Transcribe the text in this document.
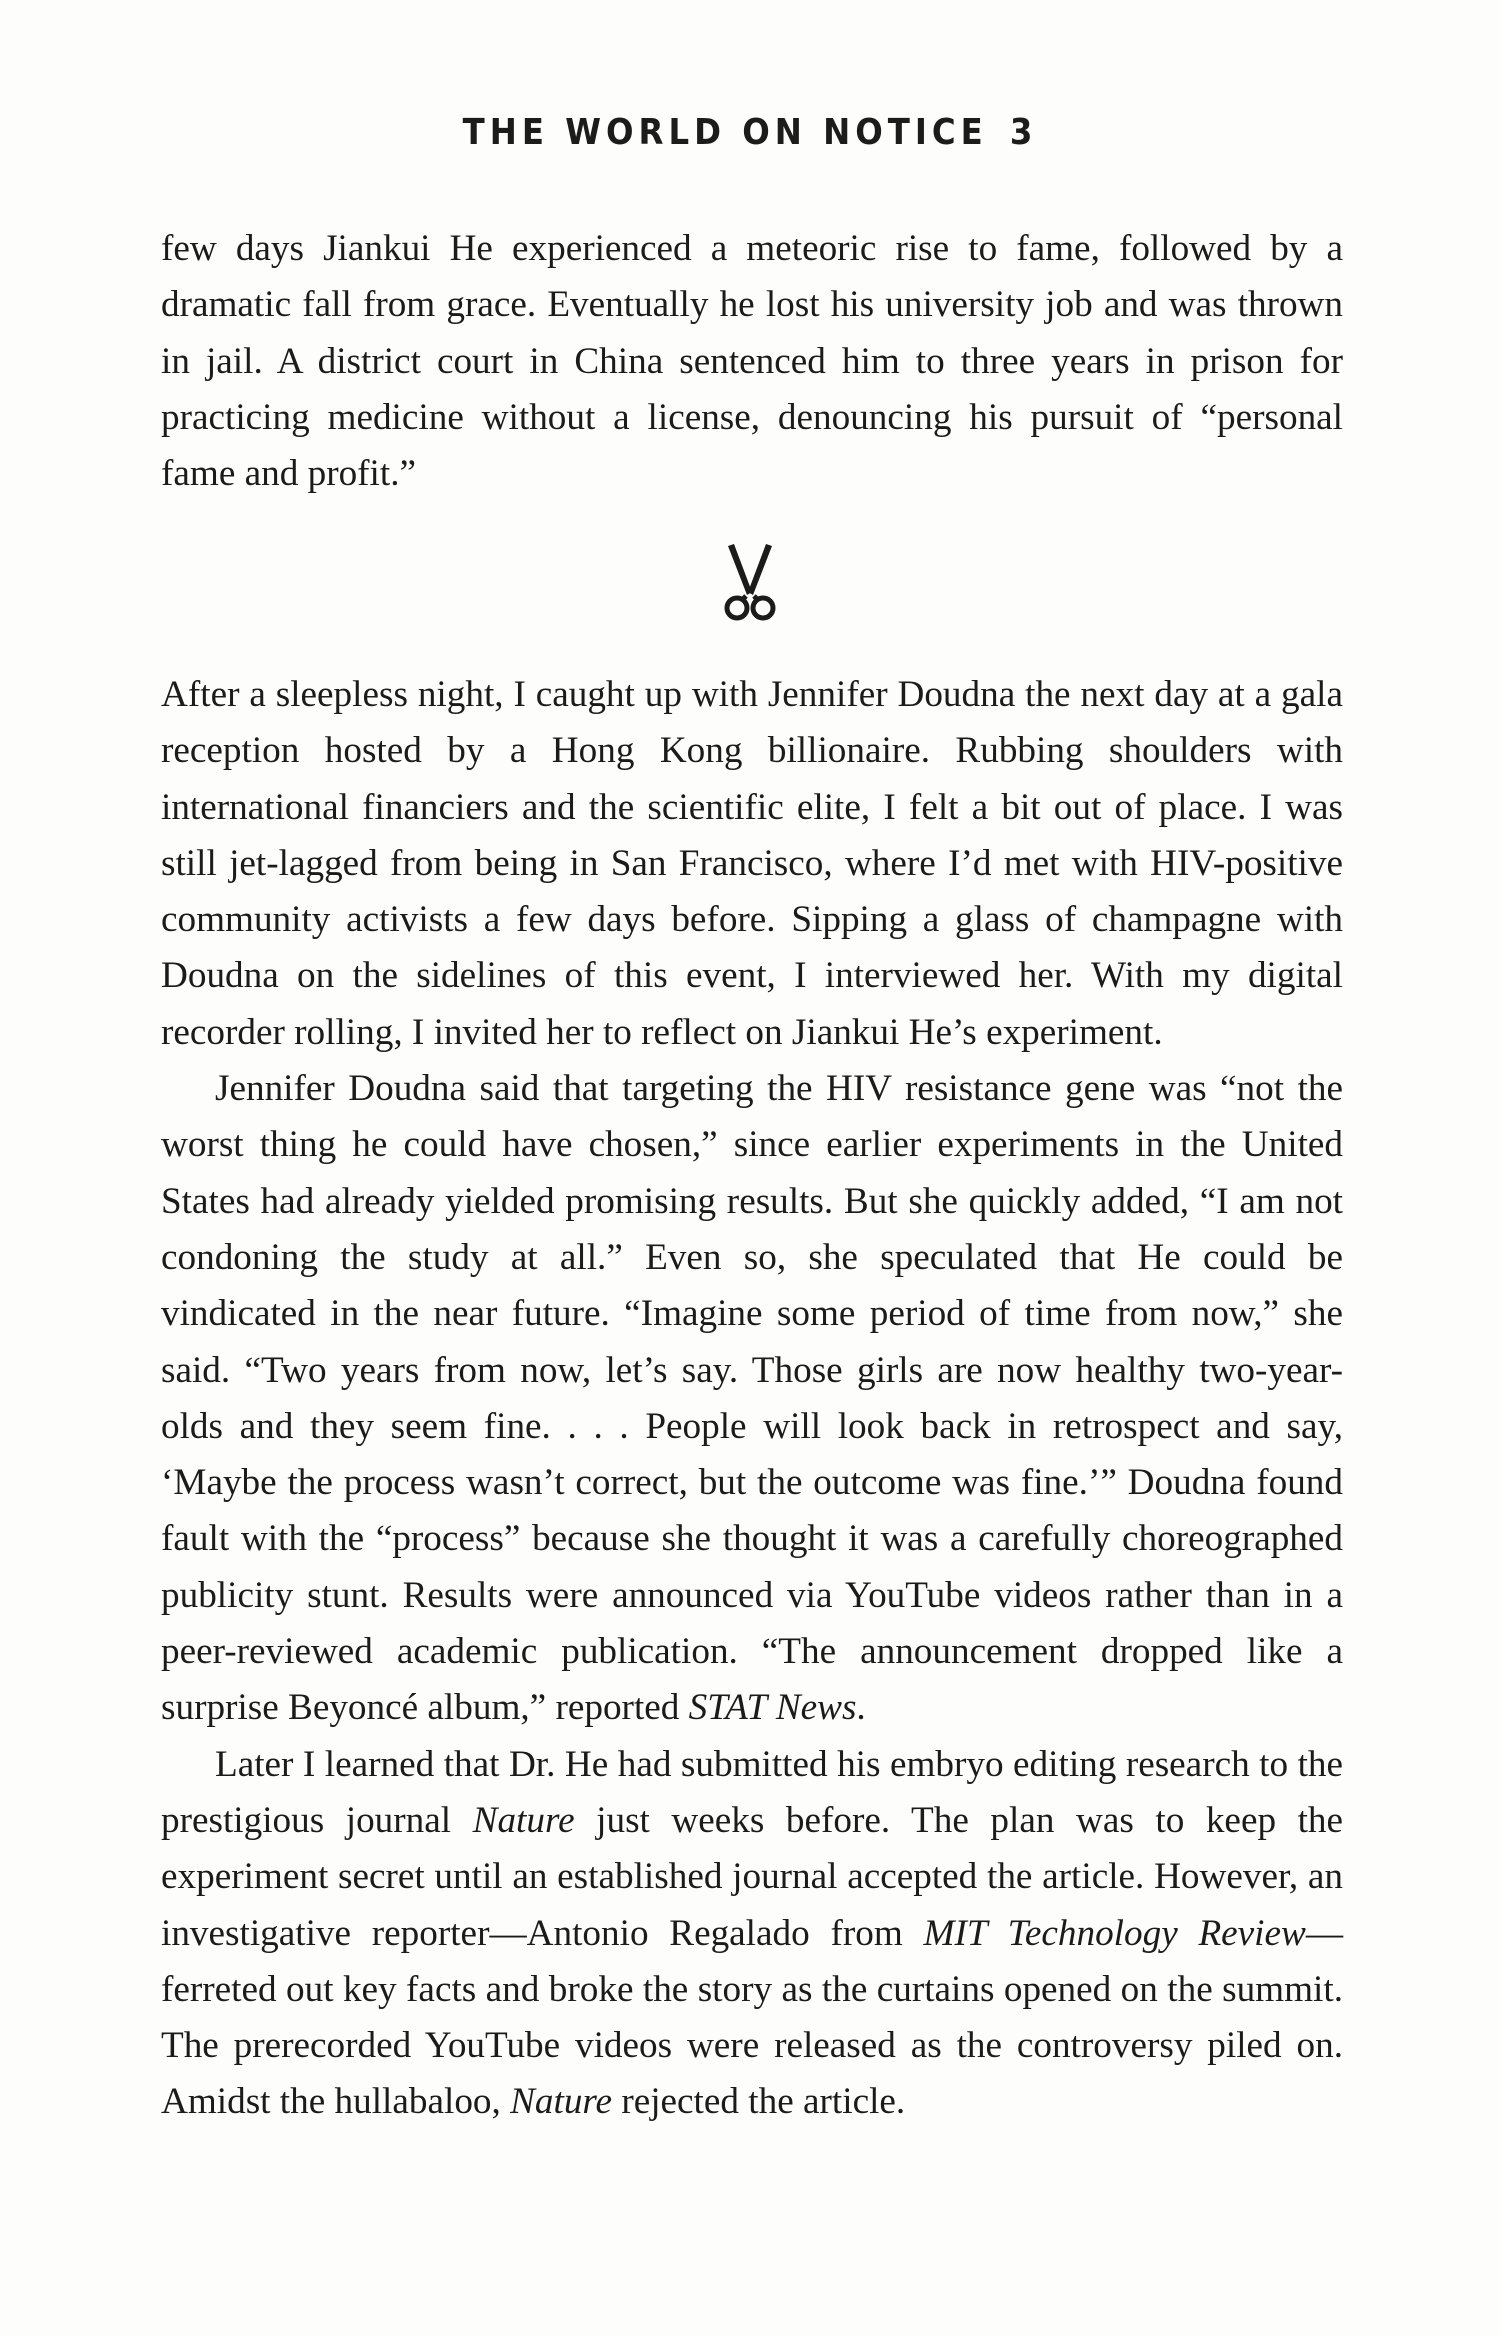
THE WORLD ON NOTICE 3

few days Jiankui He experienced a meteoric rise to fame, followed by a dramatic fall from grace. Eventually he lost his university job and was thrown in jail. A district court in China sentenced him to three years in prison for practicing medicine without a license, denouncing his pursuit of “personal fame and profit.”

After a sleepless night, I caught up with Jennifer Doudna the next day at a gala reception hosted by a Hong Kong billionaire. Rubbing shoulders with international financiers and the scientific elite, I felt a bit out of place. I was still jet-lagged from being in San Francisco, where I’d met with HIV-positive community activists a few days before. Sipping a glass of champagne with Doudna on the sidelines of this event, I interviewed her. With my digital recorder rolling, I invited her to reflect on Jiankui He’s experiment.

Jennifer Doudna said that targeting the HIV resistance gene was “not the worst thing he could have chosen,” since earlier experiments in the United States had already yielded promising results. But she quickly added, “I am not condoning the study at all.” Even so, she speculated that He could be vindicated in the near future. “Imagine some period of time from now,” she said. “Two years from now, let’s say. Those girls are now healthy two-year-olds and they seem fine. . . . People will look back in retrospect and say, ‘Maybe the process wasn’t correct, but the outcome was fine.’” Doudna found fault with the “process” because she thought it was a carefully choreographed publicity stunt. Results were announced via YouTube videos rather than in a peer-reviewed academic publication. “The announcement dropped like a surprise Beyoncé album,” reported STAT News.

Later I learned that Dr. He had submitted his embryo editing research to the prestigious journal Nature just weeks before. The plan was to keep the experiment secret until an established journal accepted the article. However, an investigative reporter—Antonio Regalado from MIT Technology Review—ferreted out key facts and broke the story as the curtains opened on the summit. The prerecorded YouTube videos were released as the controversy piled on. Amidst the hullabaloo, Nature rejected the article.
